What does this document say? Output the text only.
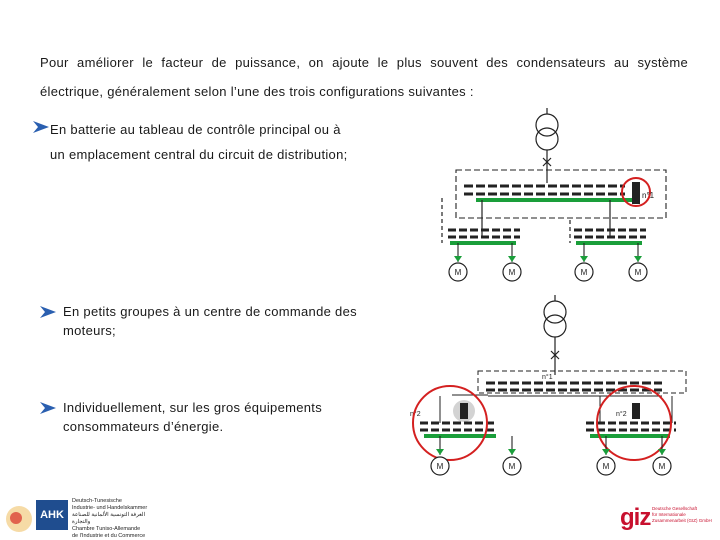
Pour améliorer le facteur de puissance, on ajoute le plus souvent des condensateurs au système électrique, généralement selon l’une des trois configurations suivantes :
En batterie au tableau de contrôle principal ou à
un emplacement central du circuit de distribution;
En petits groupes à un centre de commande des
moteurs;
Individuellement, sur les gros équipements
consommateurs d’énergie.
n°1
M	M	M	M
n°1
n°2	n°2
M	M	M	M
AHK
Deutsch-Tunesische
Industrie- und Handelskammer
الغرفة التونسية الألمانية للصناعة والتجارة
Chambre Tuniso-Allemande
de l'Industrie et du Commerce
giz Deutsche Gesellschaft
für Internationale
Zusammenarbeit (GIZ) GmbH
